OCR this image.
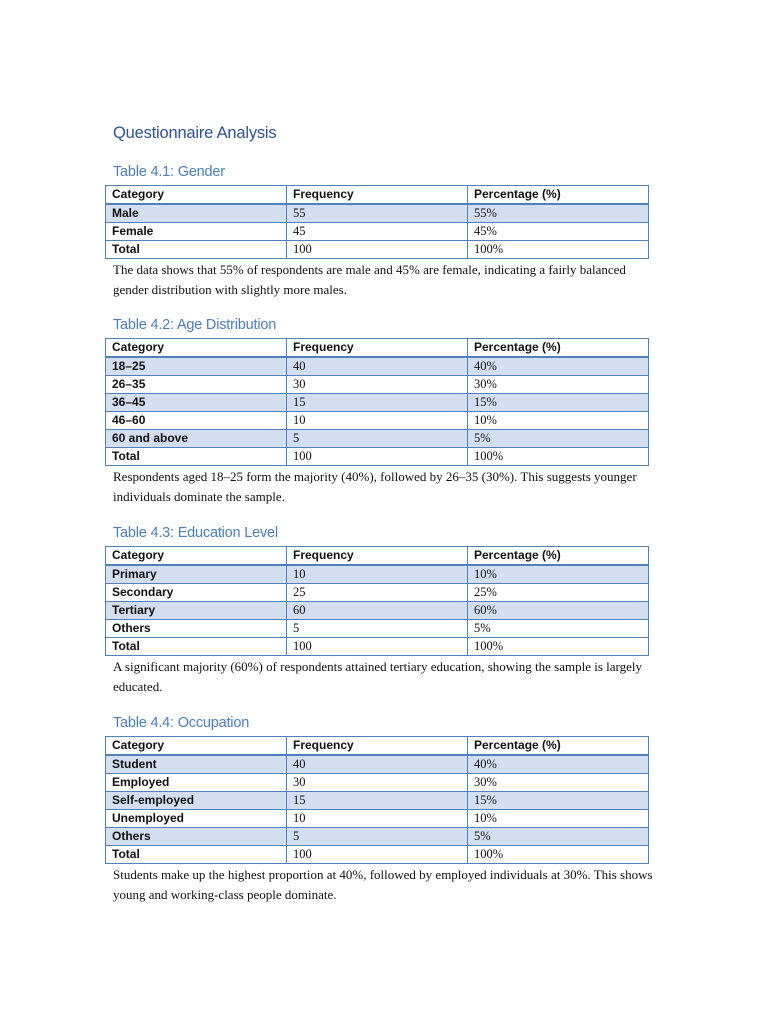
Questionnaire Analysis
Table 4.1: Gender
Category	Frequency	Percentage (%)
Male	55	55%
Female	45	45%
Total	100	100%

The data shows that 55% of respondents are male and 45% are female, indicating a fairly balanced gender distribution with slightly more males.

Table 4.2: Age Distribution
Category	Frequency	Percentage (%)
18–25	40	40%
26–35	30	30%
36–45	15	15%
46–60	10	10%
60 and above	5	5%
Total	100	100%

Respondents aged 18–25 form the majority (40%), followed by 26–35 (30%). This suggests younger individuals dominate the sample.

Table 4.3: Education Level
Category	Frequency	Percentage (%)
Primary	10	10%
Secondary	25	25%
Tertiary	60	60%
Others	5	5%
Total	100	100%

A significant majority (60%) of respondents attained tertiary education, showing the sample is largely educated.

Table 4.4: Occupation
Category	Frequency	Percentage (%)
Student	40	40%
Employed	30	30%
Self-employed	15	15%
Unemployed	10	10%
Others	5	5%
Total	100	100%

Students make up the highest proportion at 40%, followed by employed individuals at 30%. This shows young and working-class people dominate.
